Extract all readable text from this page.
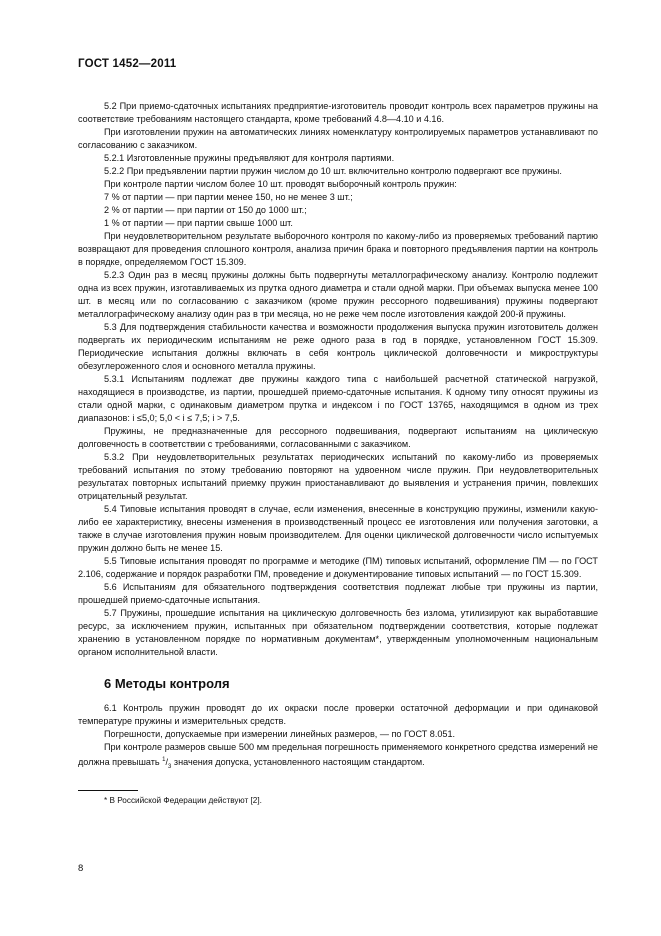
ГОСТ 1452—2011

5.2 При приемо-сдаточных испытаниях предприятие-изготовитель проводит контроль всех параметров пружины на соответствие требованиям настоящего стандарта, кроме требований 4.8—4.10 и 4.16.

При изготовлении пружин на автоматических линиях номенклатуру контролируемых параметров устанавливают по согласованию с заказчиком.

5.2.1 Изготовленные пружины предъявляют для контроля партиями.

5.2.2 При предъявлении партии пружин числом до 10 шт. включительно контролю подвергают все пружины.

При контроле партии числом более 10 шт. проводят выборочный контроль пружин:

7 % от партии — при партии менее 150, но не менее 3 шт.;

2 % от партии — при партии от 150 до 1000 шт.;

1 % от партии — при партии свыше 1000 шт.

При неудовлетворительном результате выборочного контроля по какому-либо из проверяемых требований партию возвращают для проведения сплошного контроля, анализа причин брака и повторного предъявления партии на контроль в порядке, определяемом ГОСТ 15.309.

5.2.3 Один раз в месяц пружины должны быть подвергнуты металлографическому анализу. Контролю подлежит одна из всех пружин, изготавливаемых из прутка одного диаметра и стали одной марки. При объемах выпуска менее 100 шт. в месяц или по согласованию с заказчиком (кроме пружин рессорного подвешивания) пружины подвергают металлографическому анализу один раз в три месяца, но не реже чем после изготовления каждой 200-й пружины.

5.3 Для подтверждения стабильности качества и возможности продолжения выпуска пружин изготовитель должен подвергать их периодическим испытаниям не реже одного раза в год в порядке, установленном ГОСТ 15.309. Периодические испытания должны включать в себя контроль циклической долговечности и микроструктуры обезуглероженного слоя и основного металла пружины.

5.3.1 Испытаниям подлежат две пружины каждого типа с наибольшей расчетной статической нагрузкой, находящиеся в производстве, из партии, прошедшей приемо-сдаточные испытания. К одному типу относят пружины из стали одной марки, с одинаковым диаметром прутка и индексом i по ГОСТ 13765, находящимся в одном из трех диапазонов: i ≤5,0; 5,0 < i ≤ 7,5; i > 7,5.

Пружины, не предназначенные для рессорного подвешивания, подвергают испытаниям на циклическую долговечность в соответствии с требованиями, согласованными с заказчиком.

5.3.2 При неудовлетворительных результатах периодических испытаний по какому-либо из проверяемых требований испытания по этому требованию повторяют на удвоенном числе пружин. При неудовлетворительных результатах повторных испытаний приемку пружин приостанавливают до выявления и устранения причин, повлекших отрицательный результат.

5.4 Типовые испытания проводят в случае, если изменения, внесенные в конструкцию пружины, изменили какую-либо ее характеристику, внесены изменения в производственный процесс ее изготовления или получения заготовки, а также в случае изготовления пружин новым производителем. Для оценки циклической долговечности число испытуемых пружин должно быть не менее 15.

5.5 Типовые испытания проводят по программе и методике (ПМ) типовых испытаний, оформление ПМ — по ГОСТ 2.106, содержание и порядок разработки ПМ, проведение и документирование типовых испытаний — по ГОСТ 15.309.

5.6 Испытаниям для обязательного подтверждения соответствия подлежат любые три пружины из партии, прошедшей приемо-сдаточные испытания.

5.7 Пружины, прошедшие испытания на циклическую долговечность без излома, утилизируют как выработавшие ресурс, за исключением пружин, испытанных при обязательном подтверждении соответствия, которые подлежат хранению в установленном порядке по нормативным документам*, утвержденным уполномоченным национальным органом исполнительной власти.

6 Методы контроля

6.1 Контроль пружин проводят до их окраски после проверки остаточной деформации и при одинаковой температуре пружины и измерительных средств.

Погрешности, допускаемые при измерении линейных размеров, — по ГОСТ 8.051.

При контроле размеров свыше 500 мм предельная погрешность применяемого конкретного средства измерений не должна превышать $^1/_3$ значения допуска, установленного настоящим стандартом.

* В Российской Федерации действуют [2].

8
